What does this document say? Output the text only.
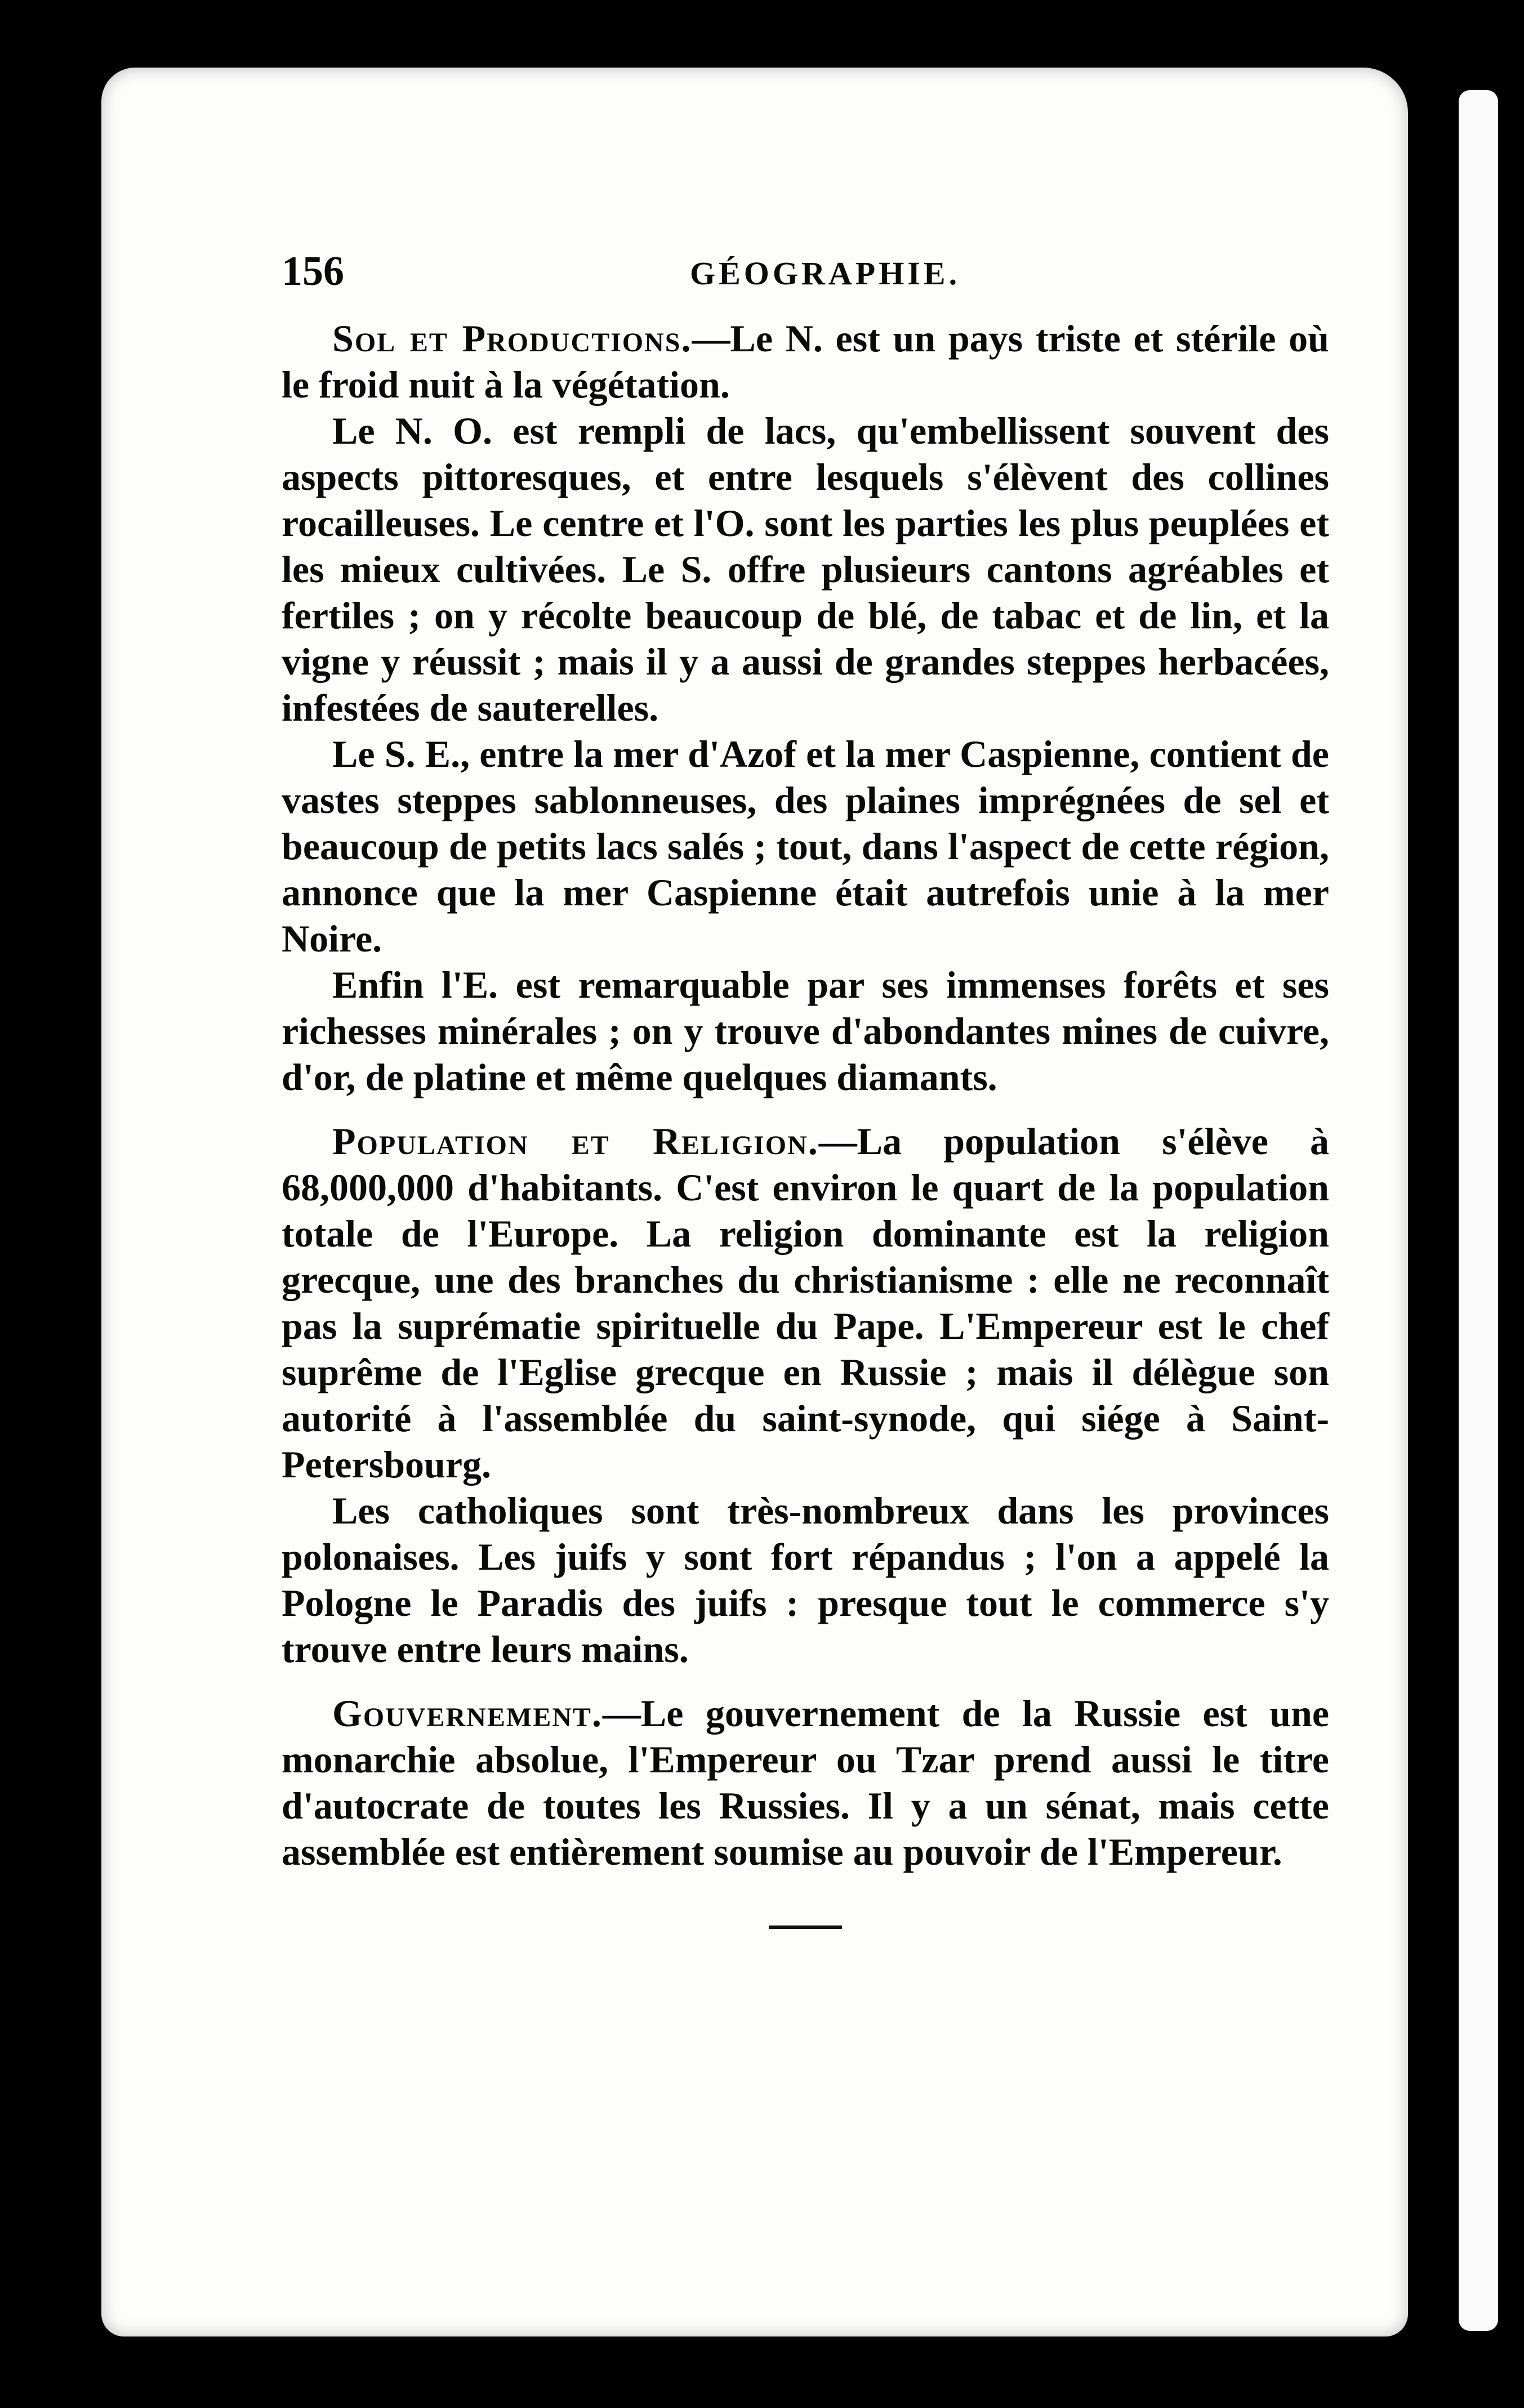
156	GÉOGRAPHIE.

Sol et Productions.—Le N. est un pays triste et stérile où le froid nuit à la végétation.

Le N. O. est rempli de lacs, qu'embellissent souvent des aspects pittoresques, et entre lesquels s'élèvent des collines rocailleuses. Le centre et l'O. sont les parties les plus peuplées et les mieux cultivées. Le S. offre plusieurs cantons agréables et fertiles ; on y récolte beaucoup de blé, de tabac et de lin, et la vigne y réussit ; mais il y a aussi de grandes steppes herbacées, infestées de sauterelles.

Le S. E., entre la mer d'Azof et la mer Caspienne, contient de vastes steppes sablonneuses, des plaines imprégnées de sel et beaucoup de petits lacs salés ; tout, dans l'aspect de cette région, annonce que la mer Caspienne était autrefois unie à la mer Noire.

Enfin l'E. est remarquable par ses immenses forêts et ses richesses minérales ; on y trouve d'abondantes mines de cuivre, d'or, de platine et même quelques diamants.

Population et Religion.—La population s'élève à 68,000,000 d'habitants. C'est environ le quart de la population totale de l'Europe. La religion dominante est la religion grecque, une des branches du christianisme : elle ne reconnaît pas la suprématie spirituelle du Pape. L'Empereur est le chef suprême de l'Eglise grecque en Russie ; mais il délègue son autorité à l'assemblée du saint-synode, qui siége à Saint-Petersbourg.

Les catholiques sont très-nombreux dans les provinces polonaises. Les juifs y sont fort répandus ; l'on a appelé la Pologne le Paradis des juifs : presque tout le commerce s'y trouve entre leurs mains.

Gouvernement.—Le gouvernement de la Russie est une monarchie absolue, l'Empereur ou Tzar prend aussi le titre d'autocrate de toutes les Russies. Il y a un sénat, mais cette assemblée est entièrement soumise au pouvoir de l'Empereur.
